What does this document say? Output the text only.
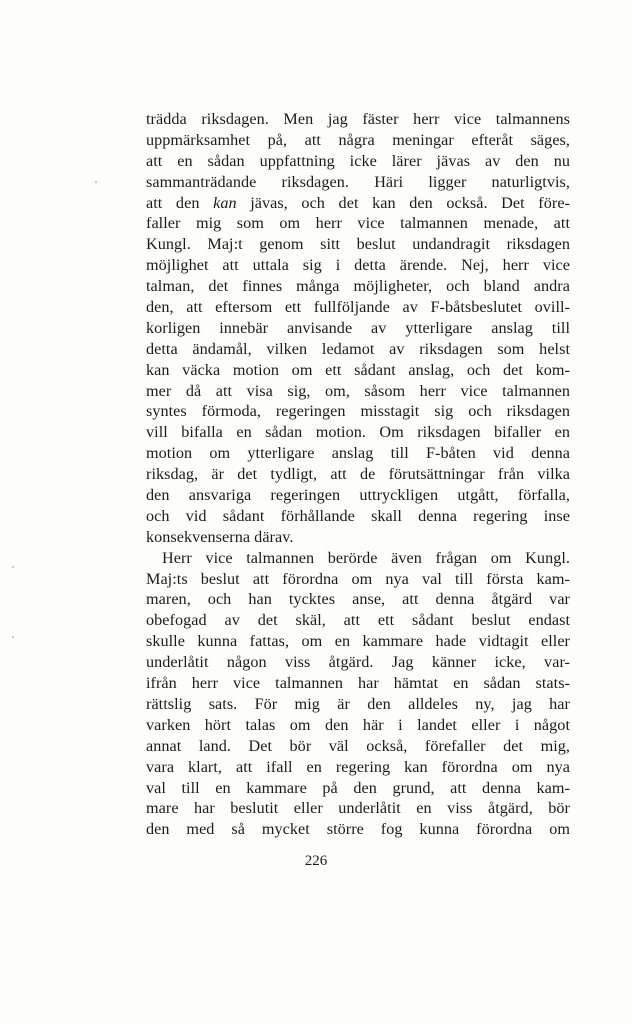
trädda riksdagen. Men jag fäster herr vice talmannens
uppmärksamhet på, att några meningar efteråt säges,
att en sådan uppfattning icke lärer jävas av den nu
sammanträdande riksdagen. Häri ligger naturligtvis,
att den kan jävas, och det kan den också. Det före-
faller mig som om herr vice talmannen menade, att
Kungl. Maj:t genom sitt beslut undandragit riksdagen
möjlighet att uttala sig i detta ärende. Nej, herr vice
talman, det finnes många möjligheter, och bland andra
den, att eftersom ett fullföljande av F-båtsbeslutet ovill-
korligen innebär anvisande av ytterligare anslag till
detta ändamål, vilken ledamot av riksdagen som helst
kan väcka motion om ett sådant anslag, och det kom-
mer då att visa sig, om, såsom herr vice talmannen
syntes förmoda, regeringen misstagit sig och riksdagen
vill bifalla en sådan motion. Om riksdagen bifaller en
motion om ytterligare anslag till F-båten vid denna
riksdag, är det tydligt, att de förutsättningar från vilka
den ansvariga regeringen uttryckligen utgått, förfalla,
och vid sådant förhållande skall denna regering inse
konsekvenserna därav.
Herr vice talmannen berörde även frågan om Kungl.
Maj:ts beslut att förordna om nya val till första kam-
maren, och han tycktes anse, att denna åtgärd var
obefogad av det skäl, att ett sådant beslut endast
skulle kunna fattas, om en kammare hade vidtagit eller
underlåtit någon viss åtgärd. Jag känner icke, var-
ifrån herr vice talmannen har hämtat en sådan stats-
rättslig sats. För mig är den alldeles ny, jag har
varken hört talas om den här i landet eller i något
annat land. Det bör väl också, förefaller det mig,
vara klart, att ifall en regering kan förordna om nya
val till en kammare på den grund, att denna kam-
mare har beslutit eller underlåtit en viss åtgärd, bör
den med så mycket större fog kunna förordna om
226
